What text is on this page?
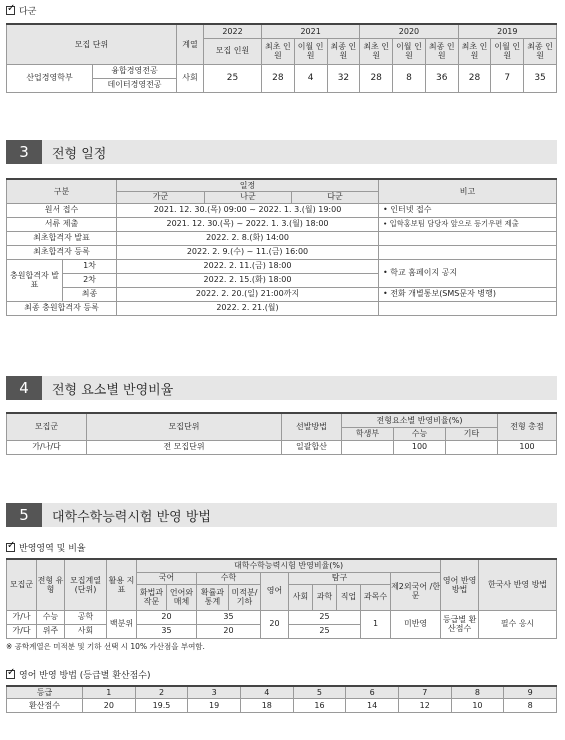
✓
다군
모집 단위		계열	2022	2021			2020			2019		
			모집 인원	최초 인원	이월 인원	최종 인원	최초 인원	이월 인원	최종 인원	최초 인원	이월 인원	최종 인원
산업경영학부	융합경영전공	사회	25	28	4	32	28	8	36	28	7	35
	데이터경영전공											
3	전형 일정
구분		일정			비고
		가군	나군	다군	
원서 접수		2021. 12. 30.(목) 09:00 ~ 2022. 1. 3.(월) 19:00			• 인터넷 접수
서류 제출		2021. 12. 30.(목) ~ 2022. 1. 3.(월) 18:00			• 입학홍보팀 담당자 앞으로 등기우편 제출
최초합격자 발표		2022. 2. 8.(화) 14:00			
최초합격자 등록		2022. 2. 9.(수) ~ 11.(금) 16:00			
충원합격자 발표	1차	2022. 2. 11.(금) 18:00			• 학교 홈페이지 공지
	2차	2022. 2. 15.(화) 18:00			
	최종	2022. 2. 20.(일) 21:00까지			• 전화 개별통보(SMS문자 병행)
최종 충원합격자 등록		2022. 2. 21.(월)			
4	전형 요소별 반영비율
모집군	모집단위	선발방법	전형요소별 반영비율(%)			전형 총점
			학생부	수능	기타	
가/나/다	전 모집단위	일괄합산		100		100
5	대학수학능력시험 반영 방법
✓
반영영역 및 비율
모집군	전형 유형	모집계열 (단위)	활용 지표	대학수학능력시험 반영비율(%)										영어 반영 방법	한국사 반영 방법
				국어		수학		영어	탐구				제2외국어 /한문		
				화법과 작문	언어와 매체	확률과 통계	미적분/ 기하		사회	과학	직업	과목수			
가/나	수능	공학	백분위	20		35		20	25			1	미반영	등급별 환산점수	필수 응시
가/다	위주	사회		35		20			25						
※ 공학계열은 미적분 및 기하 선택 시 10% 가산점을 부여함.
✓
영어 반영 방법 (등급별 환산점수)
등급	1	2	3	4	5	6	7	8	9
환산점수	20	19.5	19	18	16	14	12	10	8
